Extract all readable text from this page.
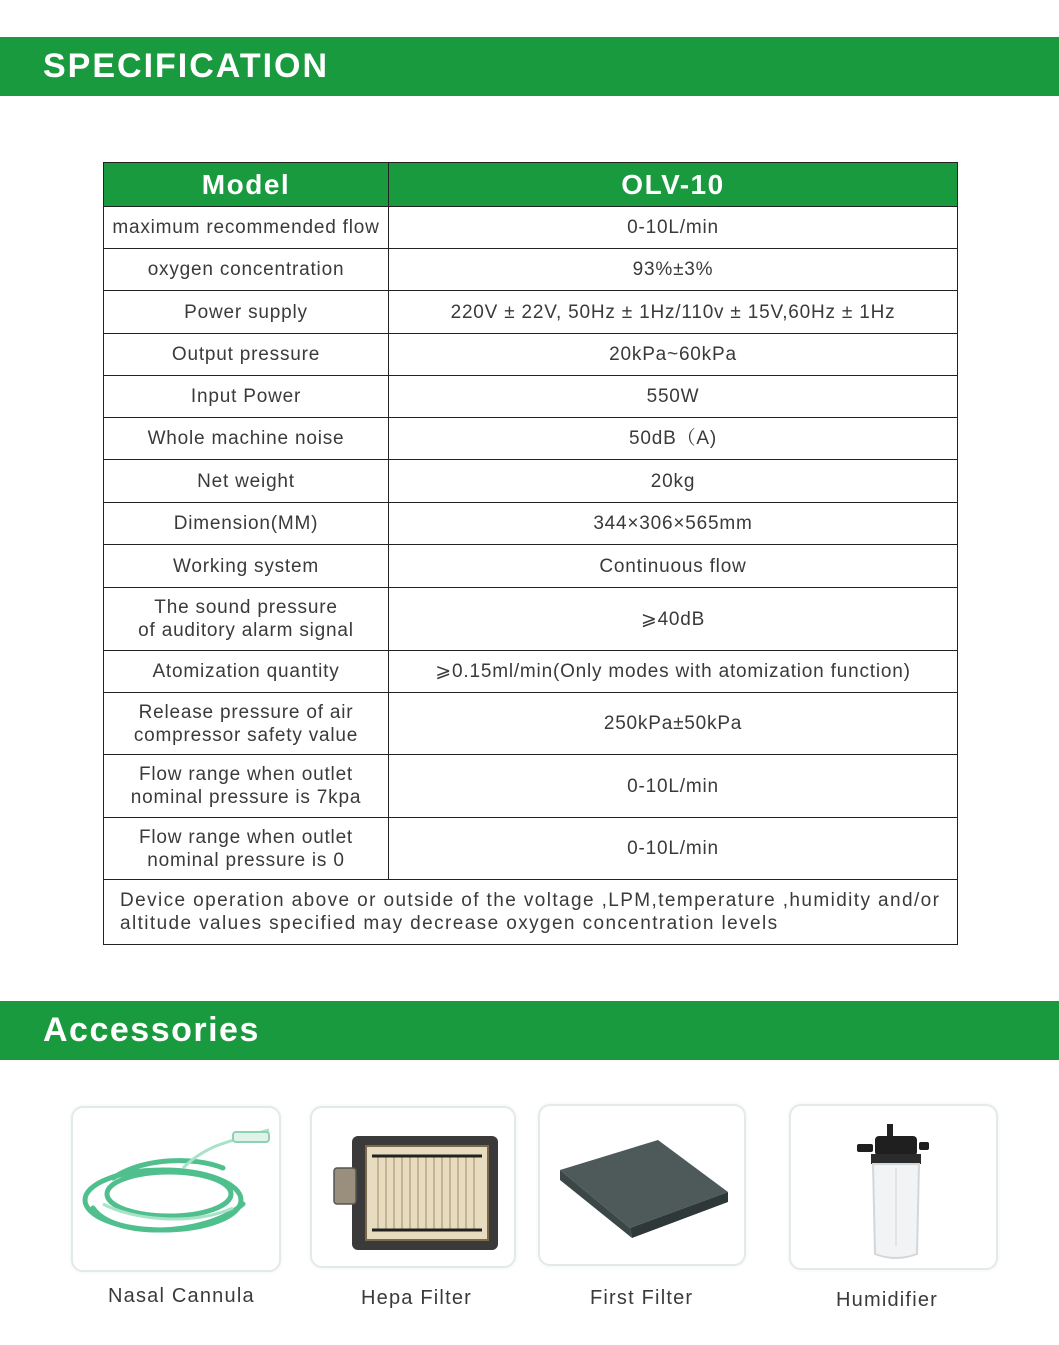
SPECIFICATION
Model	OLV-10
maximum recommended flow	0-10L/min
oxygen concentration	93%±3%
Power supply	220V ± 22V, 50Hz ± 1Hz/110v ± 15V,60Hz ± 1Hz
Output pressure	20kPa~60kPa
Input Power	550W
Whole machine noise	50dB（A)
Net weight	20kg
Dimension(MM)	344×306×565mm
Working system	Continuous flow

The sound pressure
of auditory alarm signal	⩾40dB
Atomization quantity	⩾0.15ml/min(Only modes with atomization function)

Release pressure of air
compressor safety value	250kPa±50kPa

Flow range when outlet
nominal pressure is 7kpa	0-10L/min

Flow range when outlet
nominal pressure is 0	0-10L/min

Device operation above or outside of the voltage ,LPM,temperature ,humidity and/or
altitude values specified may decrease oxygen concentration levels	
Accessories
Nasal Cannula	Hepa Filter	First Filter	Humidifier
